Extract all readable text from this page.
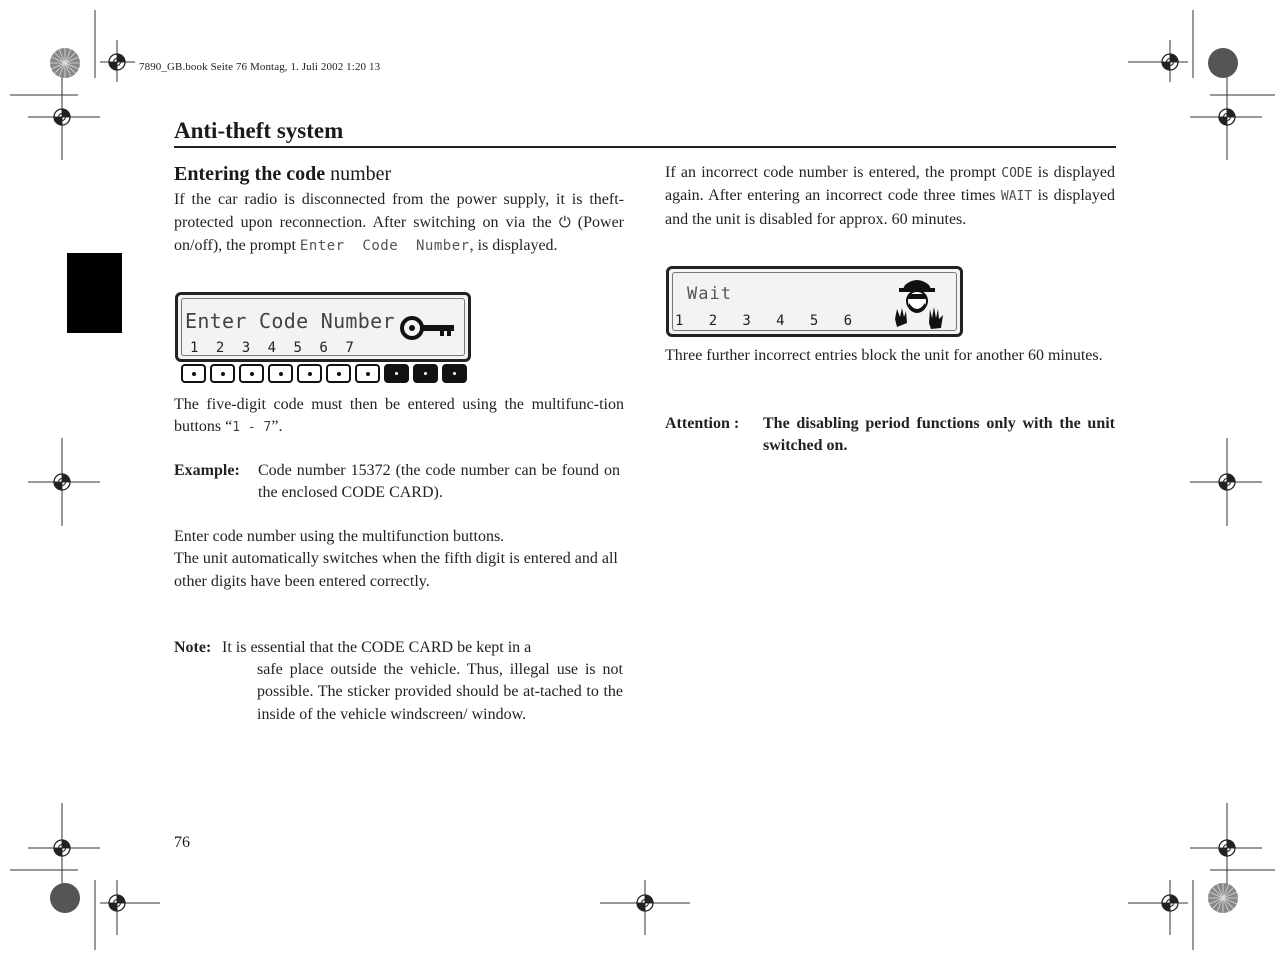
7890_GB.book Seite 76 Montag, 1. Juli 2002 1:20 13
Anti-theft system
Entering the code number
If the car radio is disconnected from the power supply, it is theft-protected upon reconnection. After switching on via the ⏻ (Power on/off), the prompt Enter  Code  Number, is displayed.
Enter Code Number
1  2  3  4  5  6  7
The five-digit code must then be entered using the multifunc-tion buttons “1 - 7”.
Example: Code number 15372 (the code number can be found on the enclosed CODE CARD).
Enter code number using the multifunction buttons.
The unit automatically switches when the fifth digit is entered and all other digits have been entered correctly.
Note: It is essential that the CODE CARD be kept in a
safe place outside the vehicle. Thus, illegal use is not possible. The sticker provided should be at-tached to the inside of the vehicle windscreen/ window.
If an incorrect code number is entered, the prompt CODE is displayed again. After entering an incorrect code three times WAIT is displayed and the unit is disabled for approx. 60 minutes.
Wait
1   2   3   4   5   6
Three further incorrect entries block the unit for another 60 minutes.
Attention : The disabling period functions only with the unit switched on.
76
